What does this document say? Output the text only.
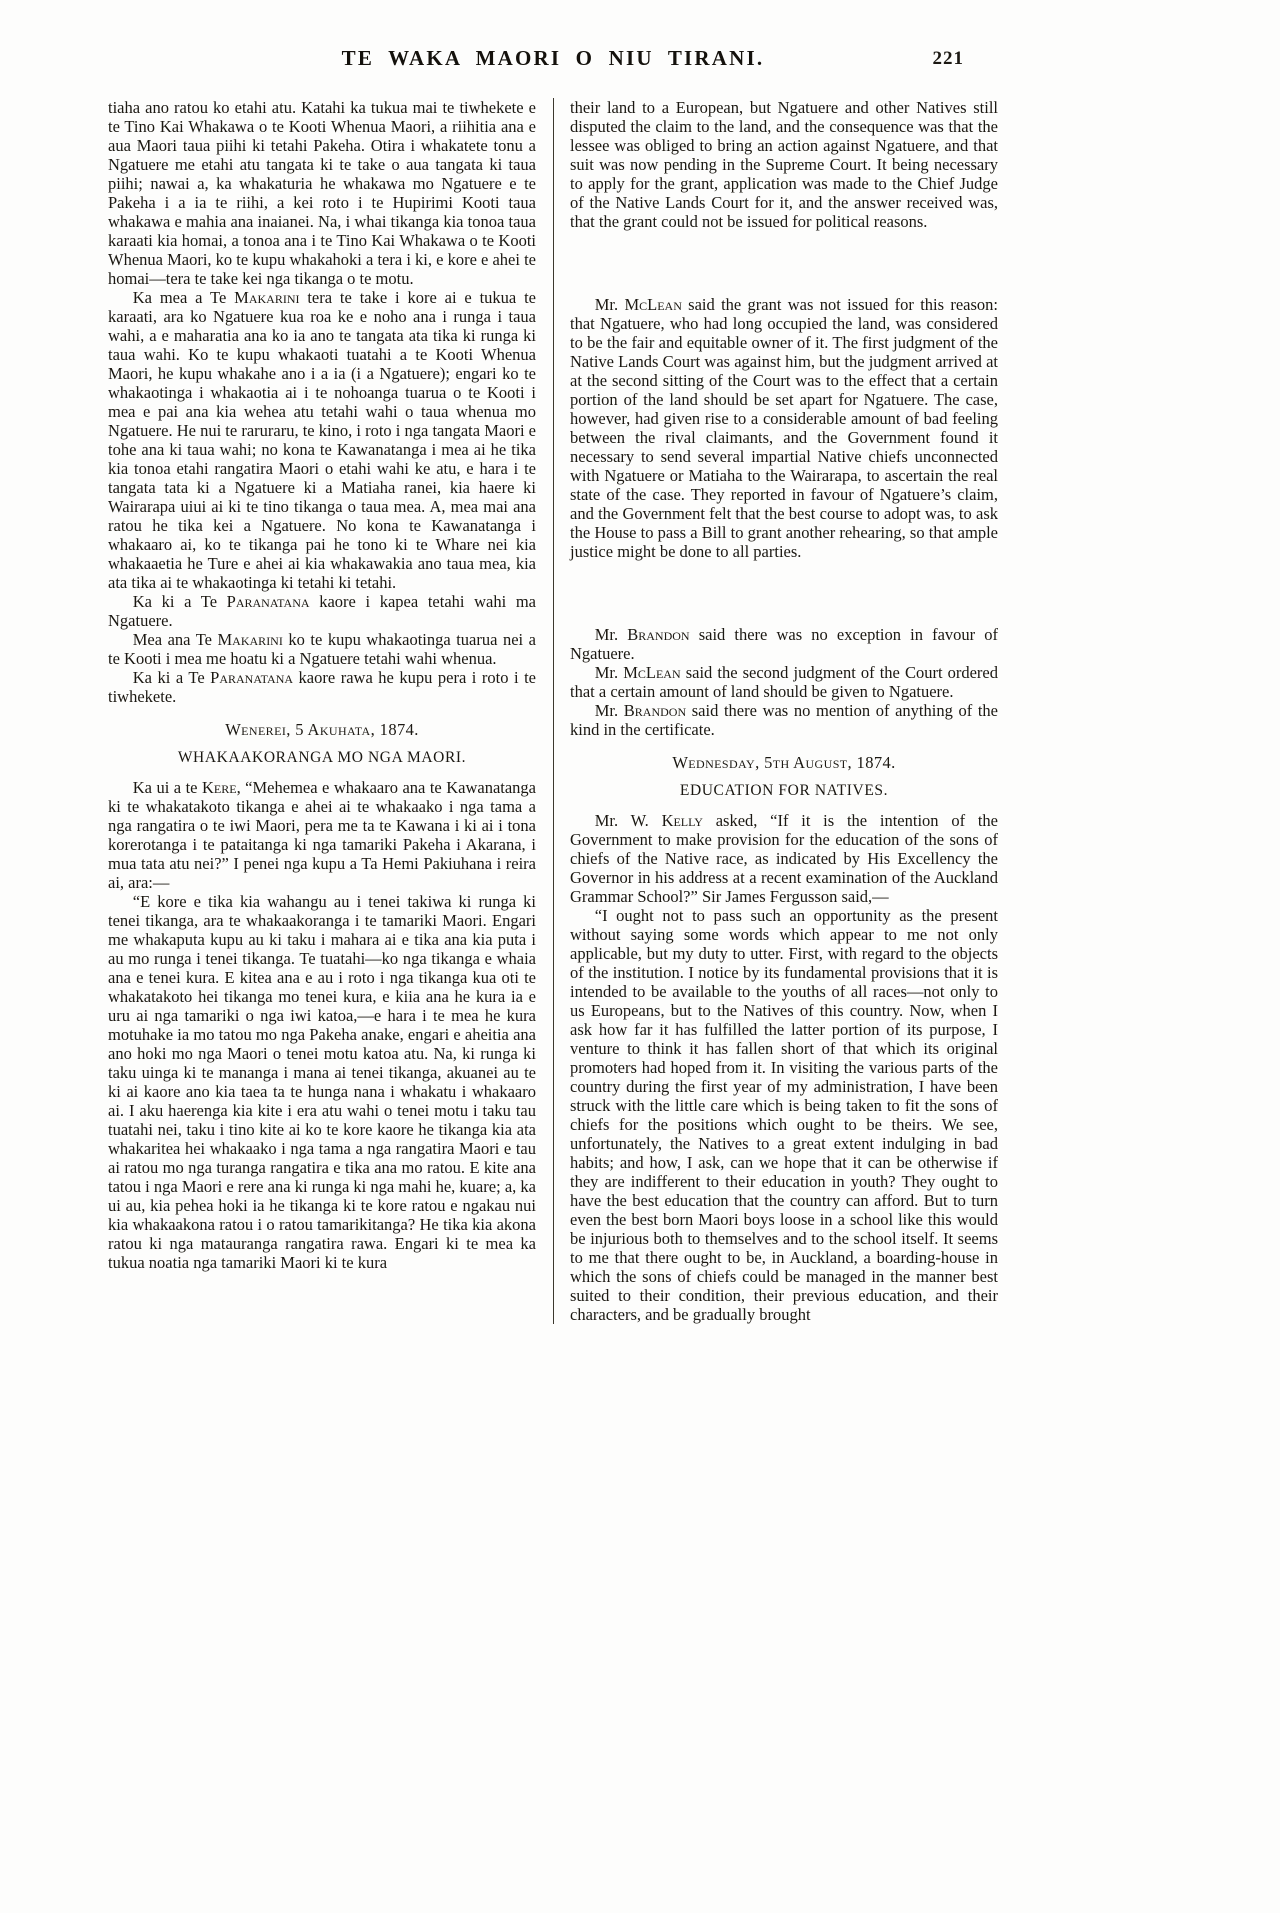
TE WAKA MAORI O NIU TIRANI.	221

tiaha ano ratou ko etahi atu. Katahi ka tukua mai te tiwhekete e te Tino Kai Whakawa o te Kooti Whenua Maori, a riihitia ana e aua Maori taua piihi ki tetahi Pakeha. Otira i whakatete tonu a Ngatuere me etahi atu tangata ki te take o aua tangata ki taua piihi; nawai a, ka whakaturia he whakawa mo Ngatuere e te Pakeha i a ia te riihi, a kei roto i te Hupirimi Kooti taua whakawa e mahia ana inaianei. Na, i whai tikanga kia tonoa taua karaati kia homai, a tonoa ana i te Tino Kai Whakawa o te Kooti Whenua Maori, ko te kupu whakahoki a tera i ki, e kore e ahei te homai—tera te take kei nga tikanga o te motu.

Ka mea a Te Makarini tera te take i kore ai e tukua te karaati, ara ko Ngatuere kua roa ke e noho ana i runga i taua wahi, a e maharatia ana ko ia ano te tangata ata tika ki runga ki taua wahi. Ko te kupu whakaoti tuatahi a te Kooti Whenua Maori, he kupu whakahe ano i a ia (i a Ngatuere); engari ko te whakaotinga i whakaotia ai i te nohoanga tuarua o te Kooti i mea e pai ana kia wehea atu tetahi wahi o taua whenua mo Ngatuere. He nui te raruraru, te kino, i roto i nga tangata Maori e tohe ana ki taua wahi; no kona te Kawanatanga i mea ai he tika kia tonoa etahi rangatira Maori o etahi wahi ke atu, e hara i te tangata tata ki a Ngatuere ki a Matiaha ranei, kia haere ki Wairarapa uiui ai ki te tino tikanga o taua mea. A, mea mai ana ratou he tika kei a Ngatuere. No kona te Kawanatanga i whakaaro ai, ko te tikanga pai he tono ki te Whare nei kia whakaaetia he Ture e ahei ai kia whakawakia ano taua mea, kia ata tika ai te whakaotinga ki tetahi ki tetahi.

Ka ki a Te Paranatana kaore i kapea tetahi wahi ma Ngatuere.

Mea ana Te Makarini ko te kupu whakaotinga tuarua nei a te Kooti i mea me hoatu ki a Ngatuere tetahi wahi whenua.

Ka ki a Te Paranatana kaore rawa he kupu pera i roto i te tiwhekete.

Wenerei, 5 Akuhata, 1874.

WHAKAAKORANGA MO NGA MAORI.

Ka ui a te Kere, “Mehemea e whakaaro ana te Kawanatanga ki te whakatakoto tikanga e ahei ai te whakaako i nga tama a nga rangatira o te iwi Maori, pera me ta te Kawana i ki ai i tona korerotanga i te pataitanga ki nga tamariki Pakeha i Akarana, i mua tata atu nei?” I penei nga kupu a Ta Hemi Pakiuhana i reira ai, ara:—

“E kore e tika kia wahangu au i tenei takiwa ki runga ki tenei tikanga, ara te whakaakoranga i te tamariki Maori. Engari me whakaputa kupu au ki taku i mahara ai e tika ana kia puta i au mo runga i tenei tikanga. Te tuatahi—ko nga tikanga e whaia ana e tenei kura. E kitea ana e au i roto i nga tikanga kua oti te whakatakoto hei tikanga mo tenei kura, e kiia ana he kura ia e uru ai nga tamariki o nga iwi katoa,—e hara i te mea he kura motuhake ia mo tatou mo nga Pakeha anake, engari e aheitia ana ano hoki mo nga Maori o tenei motu katoa atu. Na, ki runga ki taku uinga ki te mananga i mana ai tenei tikanga, akuanei au te ki ai kaore ano kia taea ta te hunga nana i whakatu i whakaaro ai. I aku haerenga kia kite i era atu wahi o tenei motu i taku tau tuatahi nei, taku i tino kite ai ko te kore kaore he tikanga kia ata whakaritea hei whakaako i nga tama a nga rangatira Maori e tau ai ratou mo nga turanga rangatira e tika ana mo ratou. E kite ana tatou i nga Maori e rere ana ki runga ki nga mahi he, kuare; a, ka ui au, kia pehea hoki ia he tikanga ki te kore ratou e ngakau nui kia whakaakona ratou i o ratou tamarikitanga? He tika kia akona ratou ki nga matauranga rangatira rawa. Engari ki te mea ka tukua noatia nga tamariki Maori ki te kura

their land to a European, but Ngatuere and other Natives still disputed the claim to the land, and the consequence was that the lessee was obliged to bring an action against Ngatuere, and that suit was now pending in the Supreme Court. It being necessary to apply for the grant, application was made to the Chief Judge of the Native Lands Court for it, and the answer received was, that the grant could not be issued for political reasons.

Mr. McLean said the grant was not issued for this reason: that Ngatuere, who had long occupied the land, was considered to be the fair and equitable owner of it. The first judgment of the Native Lands Court was against him, but the judgment arrived at at the second sitting of the Court was to the effect that a certain portion of the land should be set apart for Ngatuere. The case, however, had given rise to a considerable amount of bad feeling between the rival claimants, and the Government found it necessary to send several impartial Native chiefs unconnected with Ngatuere or Matiaha to the Wairarapa, to ascertain the real state of the case. They reported in favour of Ngatuere’s claim, and the Government felt that the best course to adopt was, to ask the House to pass a Bill to grant another rehearing, so that ample justice might be done to all parties.

Mr. Brandon said there was no exception in favour of Ngatuere.

Mr. McLean said the second judgment of the Court ordered that a certain amount of land should be given to Ngatuere.

Mr. Brandon said there was no mention of anything of the kind in the certificate.

Wednesday, 5th August, 1874.

EDUCATION FOR NATIVES.

Mr. W. Kelly asked, “If it is the intention of the Government to make provision for the education of the sons of chiefs of the Native race, as indicated by His Excellency the Governor in his address at a recent examination of the Auckland Grammar School?” Sir James Fergusson said,—

“I ought not to pass such an opportunity as the present without saying some words which appear to me not only applicable, but my duty to utter. First, with regard to the objects of the institution. I notice by its fundamental provisions that it is intended to be available to the youths of all races—not only to us Europeans, but to the Natives of this country. Now, when I ask how far it has fulfilled the latter portion of its purpose, I venture to think it has fallen short of that which its original promoters had hoped from it. In visiting the various parts of the country during the first year of my administration, I have been struck with the little care which is being taken to fit the sons of chiefs for the positions which ought to be theirs. We see, unfortunately, the Natives to a great extent indulging in bad habits; and how, I ask, can we hope that it can be otherwise if they are indifferent to their education in youth? They ought to have the best education that the country can afford. But to turn even the best born Maori boys loose in a school like this would be injurious both to themselves and to the school itself. It seems to me that there ought to be, in Auckland, a boarding-house in which the sons of chiefs could be managed in the manner best suited to their condition, their previous education, and their characters, and be gradually brought
